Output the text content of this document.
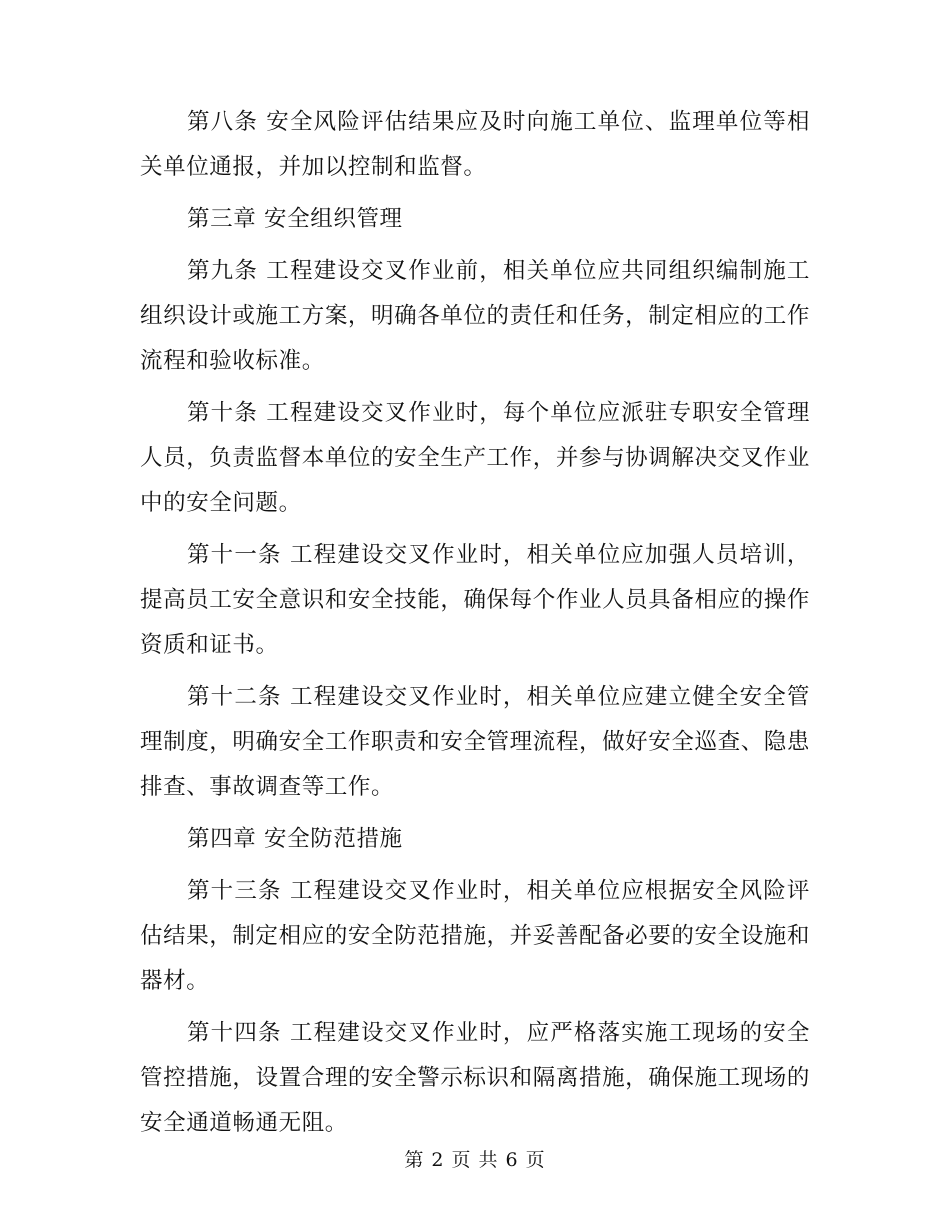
第八条 安全风险评估结果应及时向施工单位、监理单位等相关单位通报，并加以控制和监督。

第三章 安全组织管理

第九条 工程建设交叉作业前，相关单位应共同组织编制施工组织设计或施工方案，明确各单位的责任和任务，制定相应的工作流程和验收标准。

第十条 工程建设交叉作业时，每个单位应派驻专职安全管理人员，负责监督本单位的安全生产工作，并参与协调解决交叉作业中的安全问题。

第十一条 工程建设交叉作业时，相关单位应加强人员培训，提高员工安全意识和安全技能，确保每个作业人员具备相应的操作资质和证书。

第十二条 工程建设交叉作业时，相关单位应建立健全安全管理制度，明确安全工作职责和安全管理流程，做好安全巡查、隐患排查、事故调查等工作。

第四章 安全防范措施

第十三条 工程建设交叉作业时，相关单位应根据安全风险评估结果，制定相应的安全防范措施，并妥善配备必要的安全设施和器材。

第十四条 工程建设交叉作业时，应严格落实施工现场的安全管控措施，设置合理的安全警示标识和隔离措施，确保施工现场的安全通道畅通无阻。

第 2 页 共 6 页
